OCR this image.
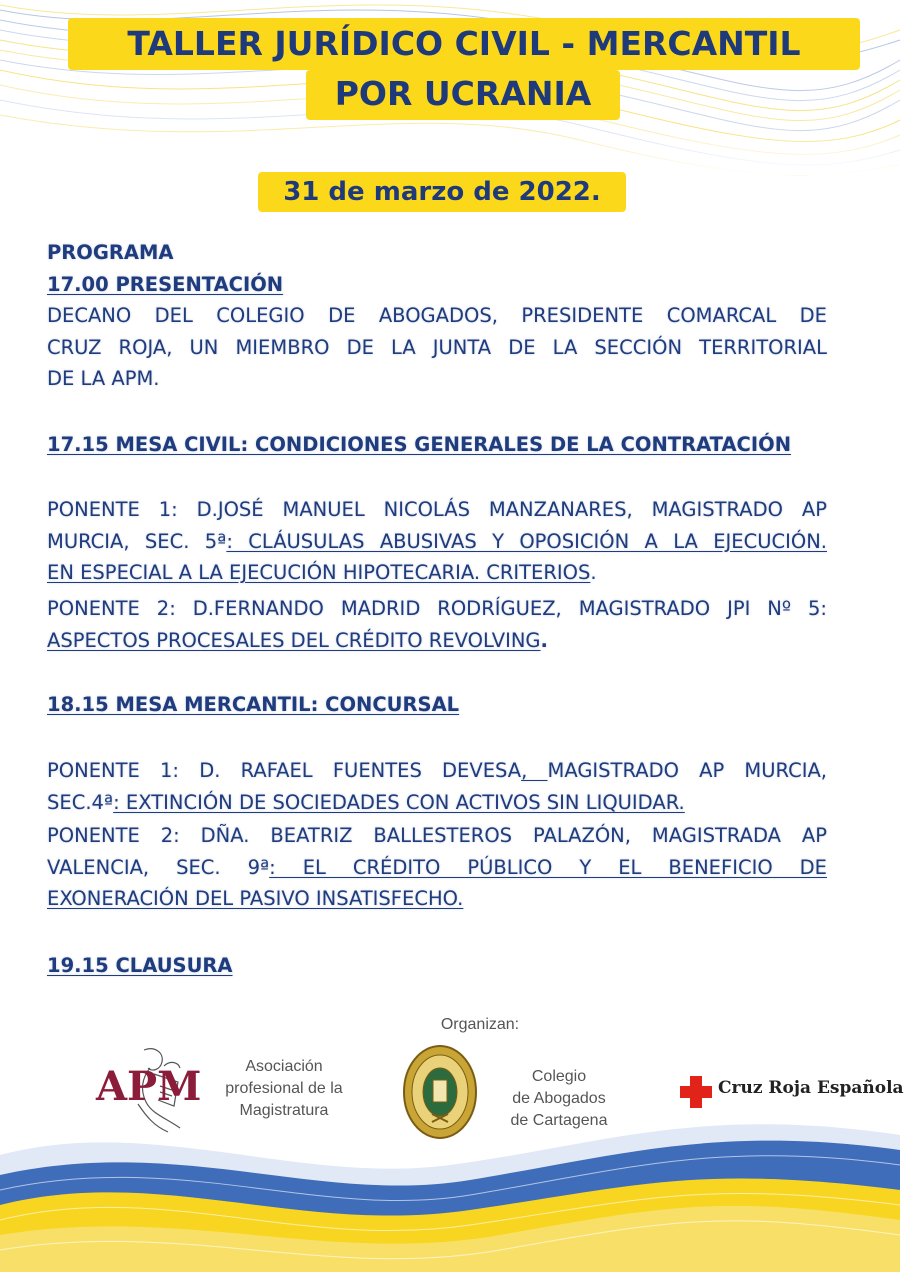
TALLER JURÍDICO CIVIL - MERCANTIL
POR UCRANIA
31 de marzo de 2022.
PROGRAMA
17.00 PRESENTACIÓN

DECANO DEL COLEGIO DE ABOGADOS, PRESIDENTE COMARCAL DE

CRUZ ROJA, UN MIEMBRO DE LA JUNTA DE LA SECCIÓN TERRITORIAL

DE LA APM.

17.15 MESA CIVIL: CONDICIONES GENERALES DE LA CONTRATACIÓN

PONENTE 1: D.JOSÉ MANUEL NICOLÁS MANZANARES, MAGISTRADO AP

MURCIA, SEC. 5ª: CLÁUSULAS ABUSIVAS Y OPOSICIÓN A LA EJECUCIÓN.

EN ESPECIAL A LA EJECUCIÓN HIPOTECARIA. CRITERIOS.

PONENTE 2: D.FERNANDO MADRID RODRÍGUEZ, MAGISTRADO JPI Nº 5:

ASPECTOS PROCESALES DEL CRÉDITO REVOLVING.

18.15 MESA MERCANTIL: CONCURSAL

PONENTE 1: D. RAFAEL FUENTES DEVESA, MAGISTRADO AP MURCIA,

SEC.4ª: EXTINCIÓN DE SOCIEDADES CON ACTIVOS SIN LIQUIDAR.

PONENTE 2: DÑA. BEATRIZ BALLESTEROS PALAZÓN, MAGISTRADA AP

VALENCIA, SEC. 9ª: EL CRÉDITO PÚBLICO Y EL BENEFICIO DE

EXONERACIÓN DEL PASIVO INSATISFECHO.

19.15 CLAUSURA
Organizan:
APM	Asociación
profesional de la
Magistratura
Colegio
de Abogados
de Cartagena
Cruz Roja Española
